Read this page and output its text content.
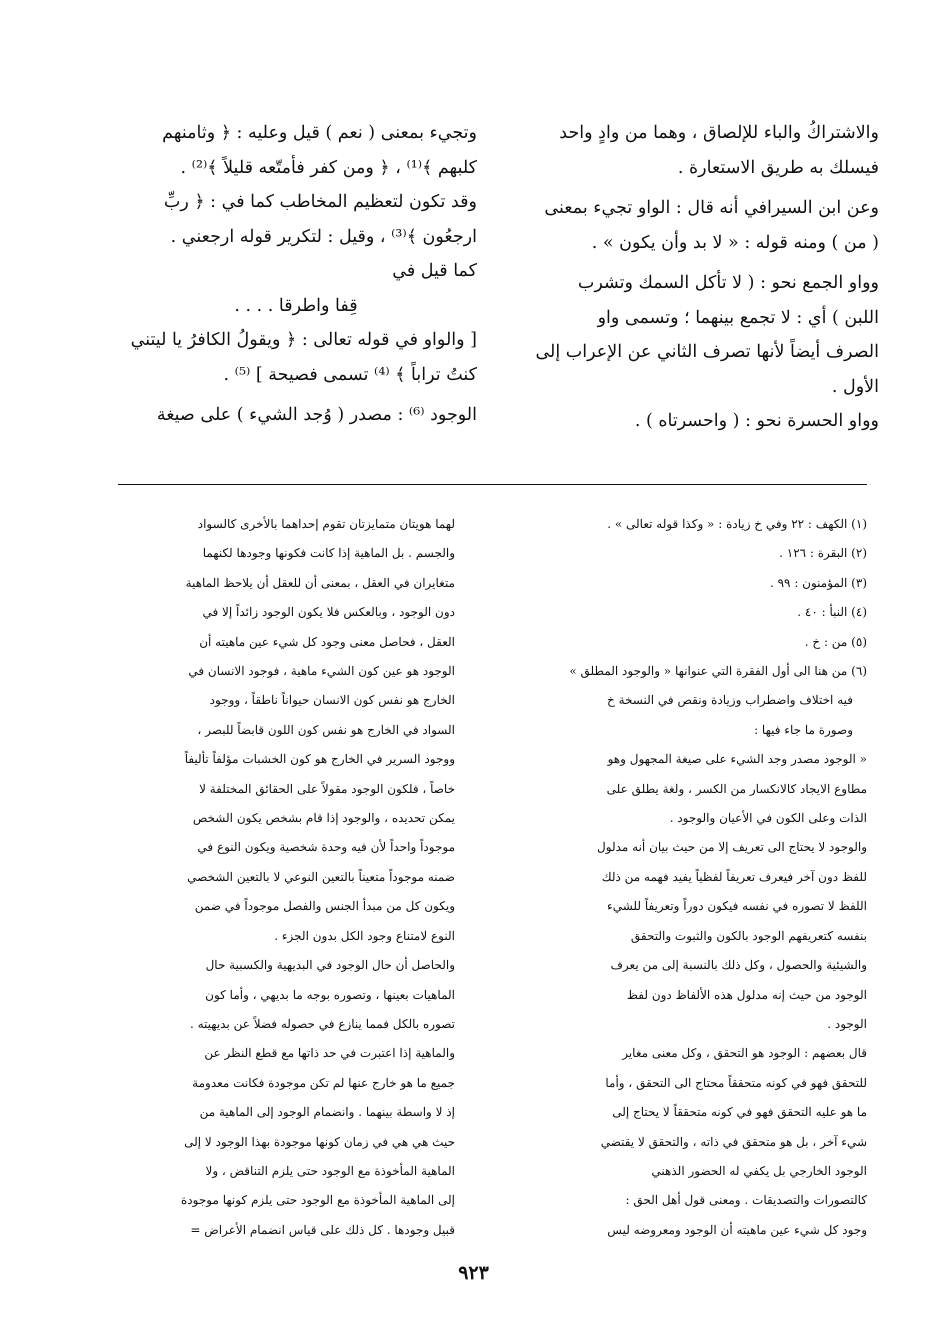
والاشتراكُ والباء للإلصاق ، وهما من وادٍ واحد

فيسلك به طريق الاستعارة .

وعن ابن السيرافي أنه قال : الواو تجيء بمعنى

( من ) ومنه قوله : « لا بد وأن يكون » .

وواو الجمع نحو : ( لا تأكل السمك وتشرب

اللبن ) أي : لا تجمع بينهما ؛ وتسمى واو

الصرف أيضاً لأنها تصرف الثاني عن الإعراب إلى

الأول .

وواو الحسرة نحو : ( واحسرتاه ) .

وتجيء بمعنى ( نعم ) قيل وعليه : ﴿ وثامنهم

كلبهم ﴾⁽¹⁾ ، ﴿ ومن كفر فأمتّعه قليلاً ﴾⁽²⁾ .

وقد تكون لتعظيم المخاطب كما في : ﴿ ربِّ

ارجعُون ﴾⁽³⁾ ، وقيل : لتكرير قوله ارجعني .

كما قيل في

قِفا واطرقا . . . .

[ والواو في قوله تعالى : ﴿ ويقولُ الكافرُ يا ليتني

كنتُ تراباً ﴾ ⁽⁴⁾ تسمى فصيحة ] ⁽⁵⁾ .

الوجود ⁽⁶⁾ : مصدر ( وُجد الشيء ) على صيغة

(١) الكهف : ٢٢ وفي خ زيادة : « وكذا قوله تعالى » .

(٢) البقرة : ١٢٦ .

(٣) المؤمنون : ٩٩ .

(٤) النبأ : ٤٠ .

(٥) من : خ .

(٦) من هنا الى أول الفقرة التي عنوانها « والوجود المطلق »

فيه اختلاف واضطراب وزيادة ونقص في النسخة خ

وصورة ما جاء فيها :

« الوجود مصدر وجد الشيء على صيغة المجهول وهو

مطاوع الايجاد كالانكسار من الكسر ، ولغة يطلق على

الذات وعلى الكون في الأعيان والوجود .

والوجود لا يحتاج الى تعريف إلا من حيث بيان أنه مدلول

للفظ دون آخر فيعرف تعريفاً لفظياً يفيد فهمه من ذلك

اللفظ لا تصوره في نفسه فيكون دوراً وتعريفاً للشيء

بنفسه كتعريفهم الوجود بالكون والثبوت والتحقق

والشيئية والحصول ، وكل ذلك بالنسبة إلى من يعرف

الوجود من حيث إنه مدلول هذه الألفاظ دون لفظ

الوجود .

قال بعضهم : الوجود هو التحقق ، وكل معنى مغاير

للتحقق فهو في كونه متحققاً محتاج الى التحقق ، وأما

ما هو عليه التحقق فهو في كونه متحققاً لا يحتاج إلى

شيء آخر ، بل هو متحقق في ذاته ، والتحقق لا يقتضي

الوجود الخارجي بل يكفي له الحضور الذهني

كالتصورات والتصديقات . ومعنى قول أهل الحق :

وجود كل شيء عين ماهيته أن الوجود ومعروضه ليس

لهما هويتان متمايزتان تقوم إحداهما بالأخرى كالسواد

والجسم . بل الماهية إذا كانت فكونها وجودها لكنهما

متغايران في العقل ، بمعنى أن للعقل أن يلاحظ الماهية

دون الوجود ، وبالعكس فلا يكون الوجود زائداً إلا في

العقل ، فحاصل معنى وجود كل شيء عين ماهيته أن

الوجود هو عين كون الشيء ماهية ، فوجود الانسان في

الخارج هو نفس كون الانسان حيواناً ناطقاً ، ووجود

السواد في الخارج هو نفس كون اللون قابضاً للبصر ،

ووجود السرير في الخارج هو كون الخشبات مؤلفاً تأليفاً

خاصاً ، فلكون الوجود مقولاً على الحقائق المختلفة لا

يمكن تحديده ، والوجود إذا قام بشخص يكون الشخص

موجوداً واحداً لأن فيه وحدة شخصية ويكون النوع في

ضمنه موجوداً متعيناً بالتعين النوعي لا بالتعين الشخصي

ويكون كل من مبدأ الجنس والفصل موجوداً في ضمن

النوع لامتناع وجود الكل بدون الجزء .

والحاصل أن حال الوجود في البديهية والكسبية حال

الماهيات بعينها ، وتصوره بوجه ما بديهي ، وأما كون

تصوره بالكل فمما ينازع في حصوله فضلاً عن بديهيته .

والماهية إذا اعتبرت في حد ذاتها مع قطع النظر عن

جميع ما هو خارج عنها لم تكن موجودة فكانت معدومة

إذ لا واسطة بينهما . وانضمام الوجود إلى الماهية من

حيث هي هي في زمان كونها موجودة بهذا الوجود لا إلى

الماهية المأخوذة مع الوجود حتى يلزم التناقض ، ولا

إلى الماهية المأخوذة مع الوجود حتى يلزم كونها موجودة

قبيل وجودها . كل ذلك على قياس انضمام الأعراض =

٩٢٣
